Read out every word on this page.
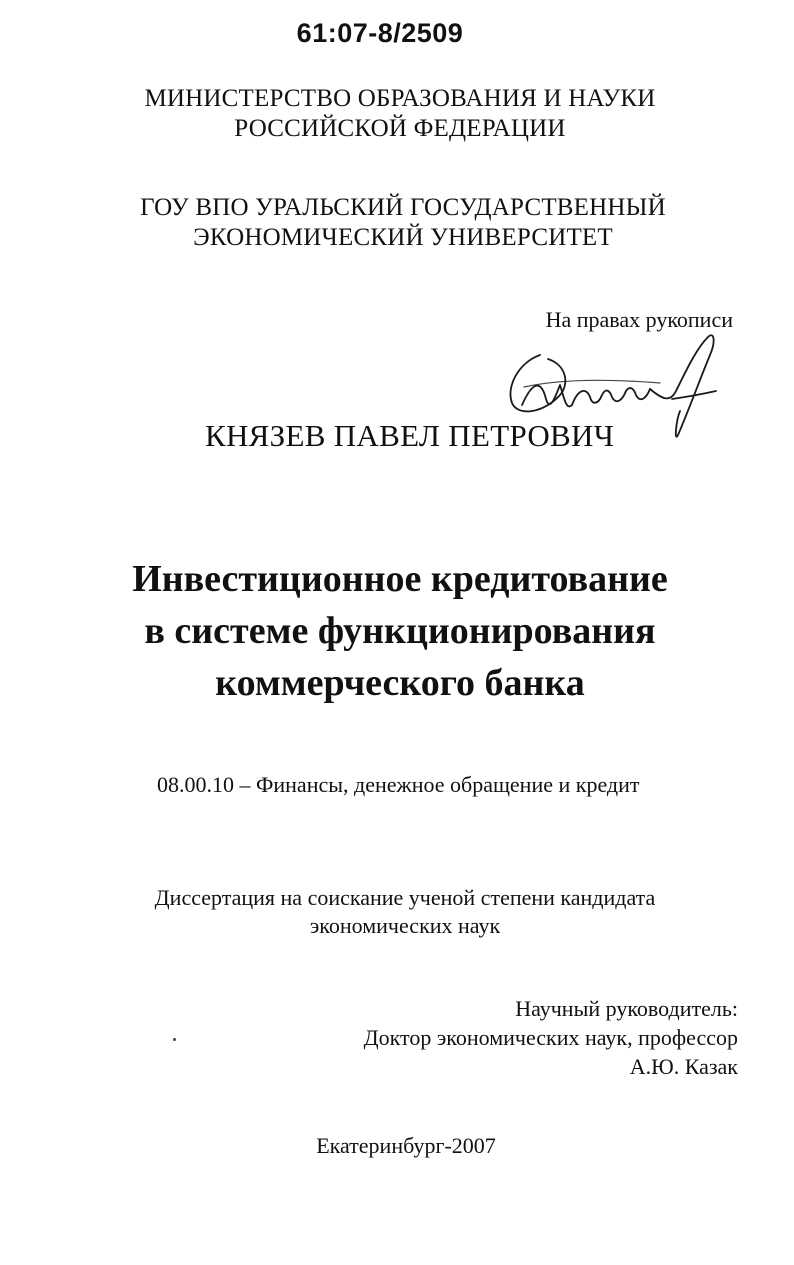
61:07-8/2509
МИНИСТЕРСТВО ОБРАЗОВАНИЯ И НАУКИ
РОССИЙСКОЙ ФЕДЕРАЦИИ
ГОУ ВПО УРАЛЬСКИЙ ГОСУДАРСТВЕННЫЙ
ЭКОНОМИЧЕСКИЙ УНИВЕРСИТЕТ
На правах рукописи
КНЯЗЕВ ПАВЕЛ ПЕТРОВИЧ
Инвестиционное кредитование
в системе функционирования
коммерческого банка
08.00.10 – Финансы, денежное обращение и кредит
Диссертация на соискание ученой степени кандидата
экономических наук
Научный руководитель:
Доктор экономических наук, профессор
А.Ю. Казак
Екатеринбург-2007
